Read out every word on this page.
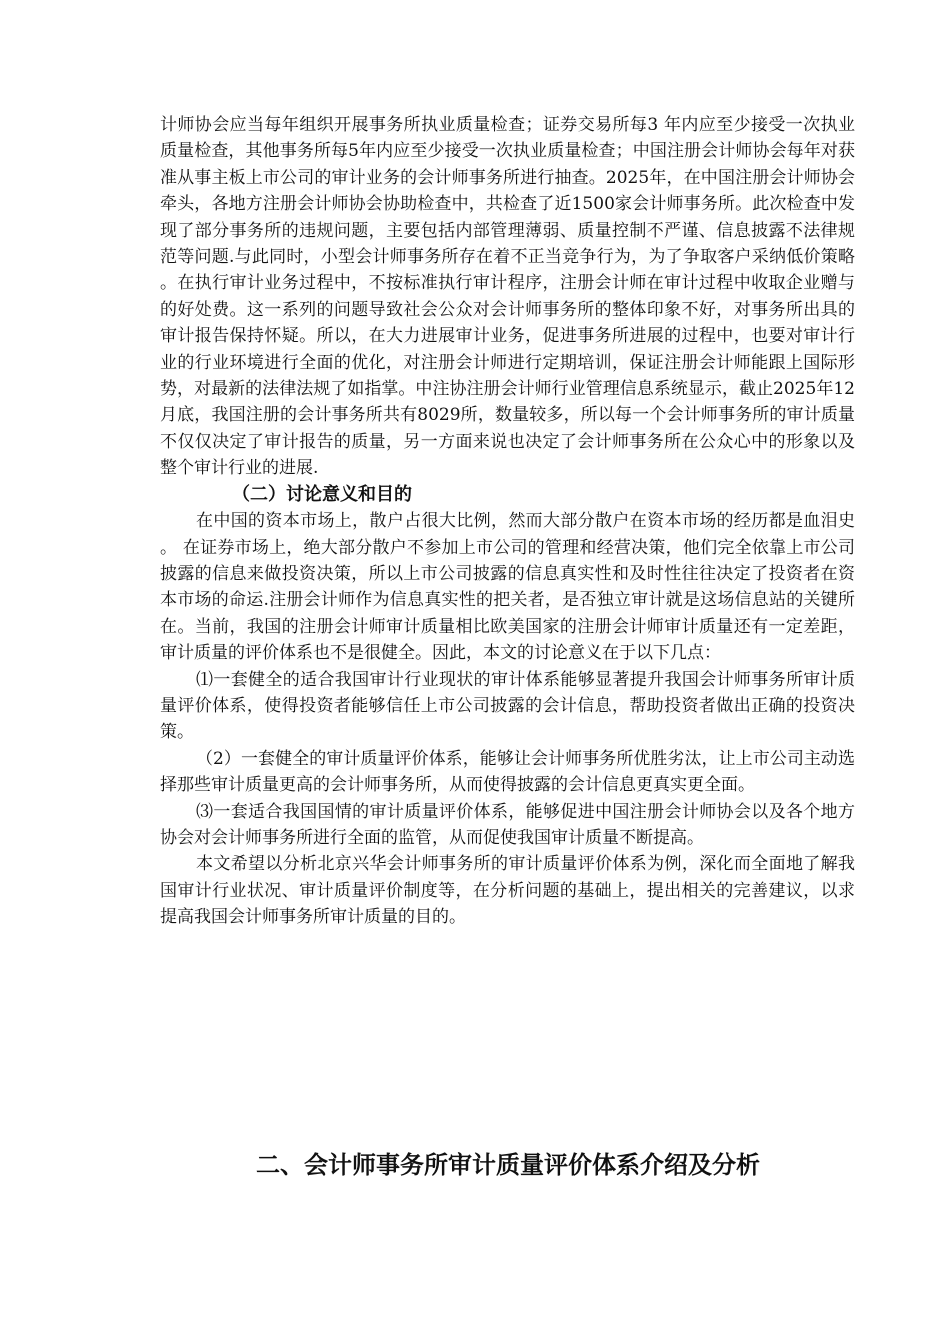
计师协会应当每年组织开展事务所执业质量检查；证券交易所每3 年内应至少接受一次执业质量检查，其他事务所每5年内应至少接受一次执业质量检查；中国注册会计师协会每年对获准从事主板上市公司的审计业务的会计师事务所进行抽查。2025年，在中国注册会计师协会牵头，各地方注册会计师协会协助检查中，共检查了近1500家会计师事务所。此次检查中发现了部分事务所的违规问题，主要包括内部管理薄弱、质量控制不严谨、信息披露不法律规范等问题.与此同时，小型会计师事务所存在着不正当竞争行为，为了争取客户采纳低价策略。在执行审计业务过程中，不按标准执行审计程序，注册会计师在审计过程中收取企业赠与的好处费。这一系列的问题导致社会公众对会计师事务所的整体印象不好，对事务所出具的审计报告保持怀疑。所以，在大力进展审计业务，促进事务所进展的过程中，也要对审计行业的行业环境进行全面的优化，对注册会计师进行定期培训，保证注册会计师能跟上国际形势，对最新的法律法规了如指掌。中注协注册会计师行业管理信息系统显示，截止2025年12月底，我国注册的会计事务所共有8029所，数量较多，所以每一个会计师事务所的审计质量不仅仅决定了审计报告的质量，另一方面来说也决定了会计师事务所在公众心中的形象以及整个审计行业的进展.

（二）讨论意义和目的

在中国的资本市场上，散户占很大比例，然而大部分散户在资本市场的经历都是血泪史。 在证券市场上，绝大部分散户不参加上市公司的管理和经营决策，他们完全依靠上市公司披露的信息来做投资决策，所以上市公司披露的信息真实性和及时性往往决定了投资者在资本市场的命运.注册会计师作为信息真实性的把关者，是否独立审计就是这场信息站的关键所在。当前，我国的注册会计师审计质量相比欧美国家的注册会计师审计质量还有一定差距，审计质量的评价体系也不是很健全。因此，本文的讨论意义在于以下几点：

⑴一套健全的适合我国审计行业现状的审计体系能够显著提升我国会计师事务所审计质量评价体系，使得投资者能够信任上市公司披露的会计信息，帮助投资者做出正确的投资决策。

（2）一套健全的审计质量评价体系，能够让会计师事务所优胜劣汰，让上市公司主动选择那些审计质量更高的会计师事务所，从而使得披露的会计信息更真实更全面。

⑶一套适合我国国情的审计质量评价体系，能够促进中国注册会计师协会以及各个地方协会对会计师事务所进行全面的监管，从而促使我国审计质量不断提高。

本文希望以分析北京兴华会计师事务所的审计质量评价体系为例，深化而全面地了解我国审计行业状况、审计质量评价制度等，在分析问题的基础上，提出相关的完善建议，以求提高我国会计师事务所审计质量的目的。

二、会计师事务所审计质量评价体系介绍及分析
